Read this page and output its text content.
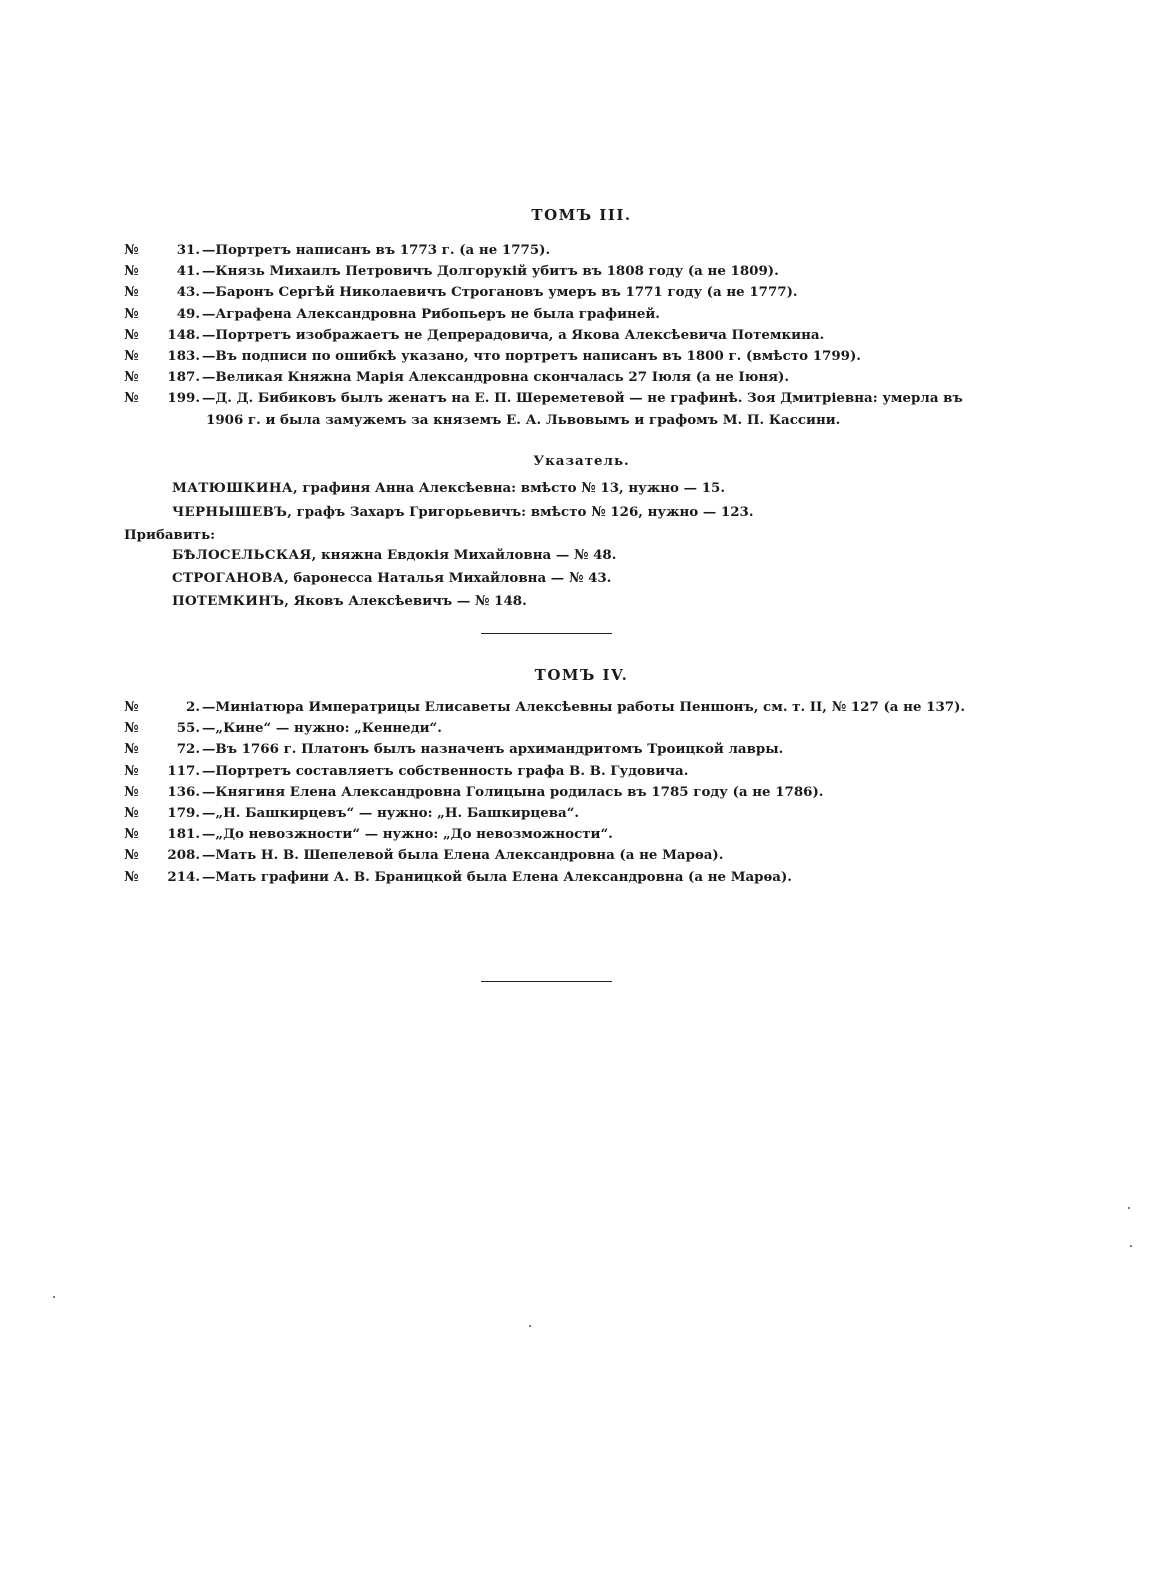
ТОМЪ III.
№	31. —Портретъ написанъ въ 1773 г. (а не 1775).
№	41. —Князь Михаилъ Петровичъ Долгорукій убитъ въ 1808 году (а не 1809).
№	43. —Баронъ Сергѣй Николаевичъ Строгановъ умеръ въ 1771 году (а не 1777).
№	49. —Аграфена Александровна Рибопьеръ не была графиней.
№	148. —Портретъ изображаетъ не Депрерадовича, а Якова Алексѣевича Потемкина.
№	183. —Въ подписи по ошибкѣ указано, что портретъ написанъ въ 1800 г. (вмѣсто 1799).
№	187. —Великая Княжна Марія Александровна скончалась 27 Іюля (а не Іюня).
№	199. —Д. Д. Бибиковъ былъ женатъ на Е. П. Шереметевой — не графинѣ. Зоя Дмитріевна: умерла въ
1906 г. и была замужемъ за княземъ Е. А. Львовымъ и графомъ М. П. Кассини.
Указатель.

МАТЮШКИНА, графиня Анна Алексѣевна: вмѣсто № 13, нужно — 15.

ЧЕРНЫШЕВЪ, графъ Захаръ Григорьевичъ: вмѣсто № 126, нужно — 123.

Прибавить:

БѢЛОСЕЛЬСКАЯ, княжна Евдокія Михайловна — № 48.

СТРОГАНОВА, баронесса Наталья Михайловна — № 43.

ПОТЕМКИНЪ, Яковъ Алексѣевичъ — № 148.

ТОМЪ IV.
№	2. —Миніатюра Императрицы Елисаветы Алексѣевны работы Пеншонъ, см. т. II, № 127 (а не 137).
№	55. —„Кине“ — нужно: „Кеннеди“.
№	72. —Въ 1766 г. Платонъ былъ назначенъ архимандритомъ Троицкой лавры.
№	117. —Портретъ составляетъ собственность графа В. В. Гудовича.
№	136. —Княгиня Елена Александровна Голицына родилась въ 1785 году (а не 1786).
№	179. —„Н. Башкирцевъ“ — нужно: „Н. Башкирцева“.
№	181. —„До невозжности“ — нужно: „До невозможности“.
№	208. —Мать Н. В. Шепелевой была Елена Александровна (а не Марѳа).
№	214. —Мать графини А. В. Браницкой была Елена Александровна (а не Марѳа).
